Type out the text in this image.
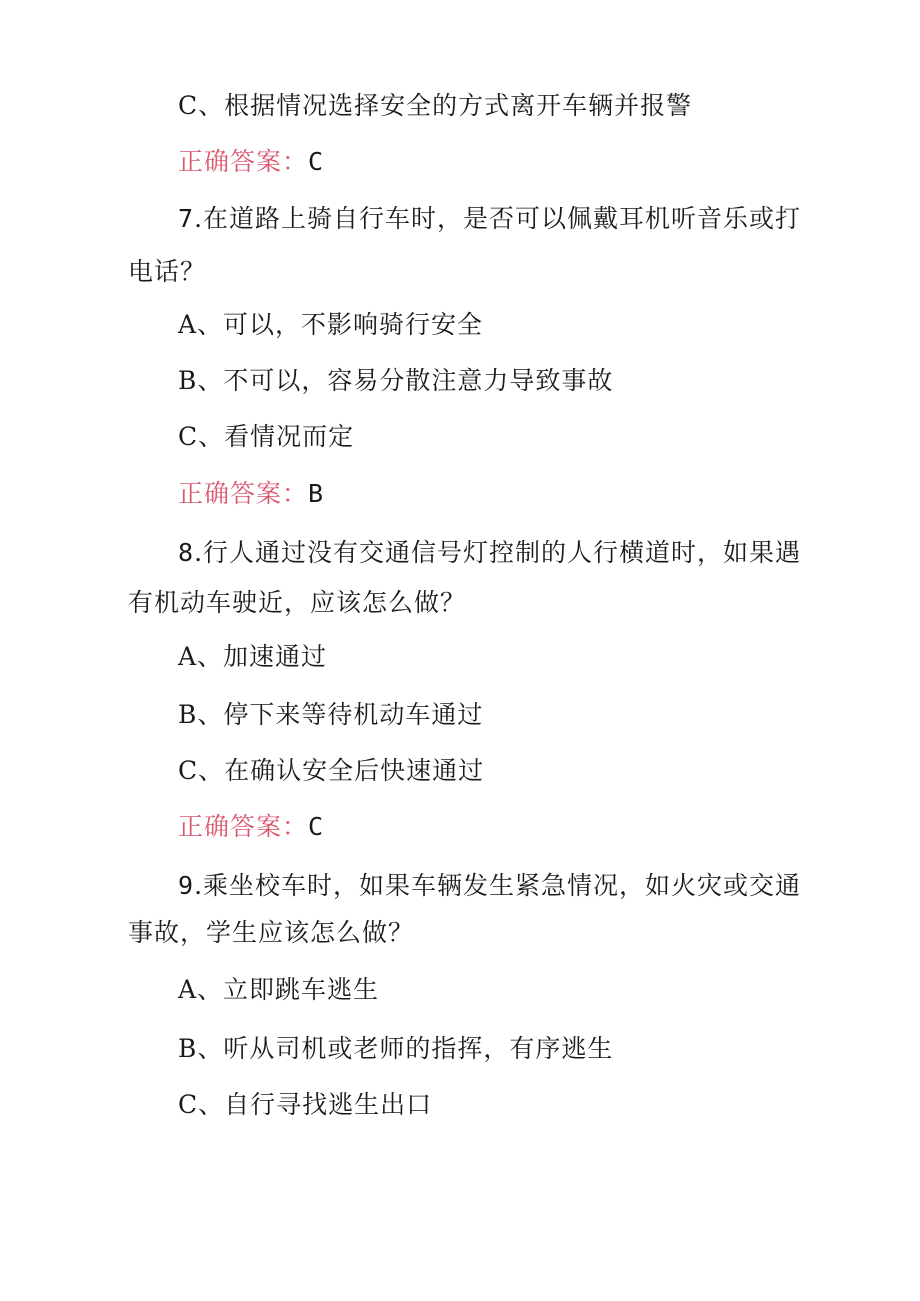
C、根据情况选择安全的方式离开车辆并报警
正确答案：C
7.在道路上骑自行车时，是否可以佩戴耳机听音乐或打
电话？
A、可以，不影响骑行安全
B、不可以，容易分散注意力导致事故
C、看情况而定
正确答案：B
8.行人通过没有交通信号灯控制的人行横道时，如果遇
有机动车驶近，应该怎么做？
A、加速通过
B、停下来等待机动车通过
C、在确认安全后快速通过
正确答案：C
9.乘坐校车时，如果车辆发生紧急情况，如火灾或交通
事故，学生应该怎么做？
A、立即跳车逃生
B、听从司机或老师的指挥，有序逃生
C、自行寻找逃生出口
